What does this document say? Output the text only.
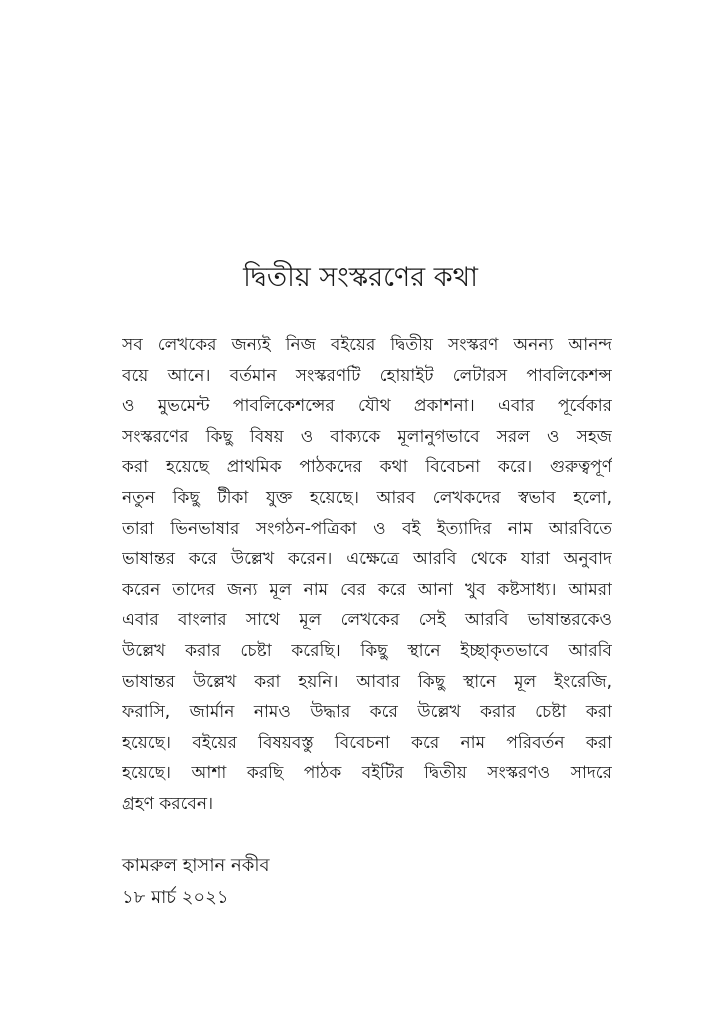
দ্বিতীয় সংস্করণের কথা
সব লেখকের জন্যই নিজ বইয়ের দ্বিতীয় সংস্করণ অনন্য আনন্দ
বয়ে আনে। বর্তমান সংস্করণটি হোয়াইট লেটারস পাবলিকেশন্স
ও মুভমেন্ট পাবলিকেশন্সের যৌথ প্রকাশনা। এবার পূর্বেকার
সংস্করণের কিছু বিষয় ও বাক্যকে মূলানুগভাবে সরল ও সহজ
করা হয়েছে প্রাথমিক পাঠকদের কথা বিবেচনা করে। গুরুত্বপূর্ণ
নতুন কিছু টীকা যুক্ত হয়েছে। আরব লেখকদের স্বভাব হলো,
তারা ভিনভাষার সংগঠন-পত্রিকা ও বই ইত্যাদির নাম আরবিতে
ভাষান্তর করে উল্লেখ করেন। এক্ষেত্রে আরবি থেকে যারা অনুবাদ
করেন তাদের জন্য মূল নাম বের করে আনা খুব কষ্টসাধ্য। আমরা
এবার বাংলার সাথে মূল লেখকের সেই আরবি ভাষান্তরকেও
উল্লেখ করার চেষ্টা করেছি। কিছু স্থানে ইচ্ছাকৃতভাবে আরবি
ভাষান্তর উল্লেখ করা হয়নি। আবার কিছু স্থানে মূল ইংরেজি,
ফরাসি, জার্মান নামও উদ্ধার করে উল্লেখ করার চেষ্টা করা
হয়েছে। বইয়ের বিষয়বস্তু বিবেচনা করে নাম পরিবর্তন করা
হয়েছে। আশা করছি পাঠক বইটির দ্বিতীয় সংস্করণও সাদরে
গ্রহণ করবেন।
কামরুল হাসান নকীব
১৮ মার্চ ২০২১
